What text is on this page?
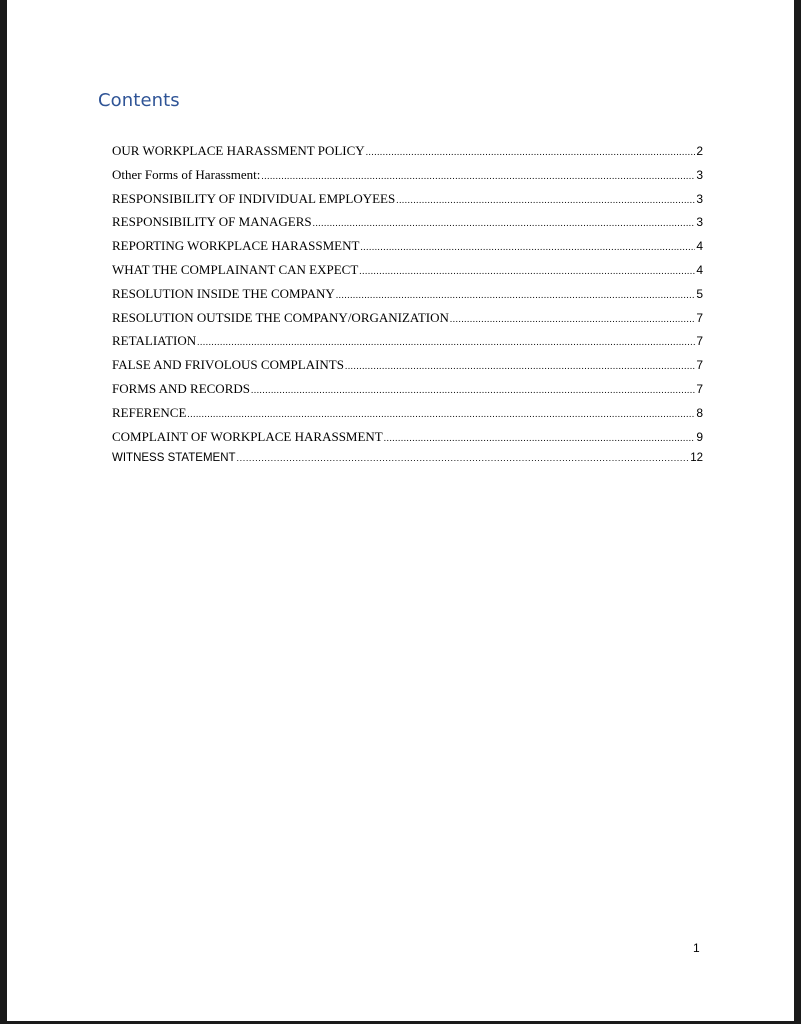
Contents
OUR WORKPLACE HARASSMENT POLICY .....	2
Other Forms of Harassment: .....	3
RESPONSIBILITY OF INDIVIDUAL EMPLOYEES .....	3
RESPONSIBILITY OF MANAGERS .....	3
REPORTING WORKPLACE HARASSMENT .....	4
WHAT THE COMPLAINANT CAN EXPECT .....	4
RESOLUTION INSIDE THE COMPANY .....	5
RESOLUTION OUTSIDE THE COMPANY/ORGANIZATION .....	7
RETALIATION .....	7
FALSE AND FRIVOLOUS COMPLAINTS .....	7
FORMS AND RECORDS .....	7
REFERENCE .....	8
COMPLAINT OF WORKPLACE HARASSMENT .....	9
WITNESS STATEMENT .....	12
1
